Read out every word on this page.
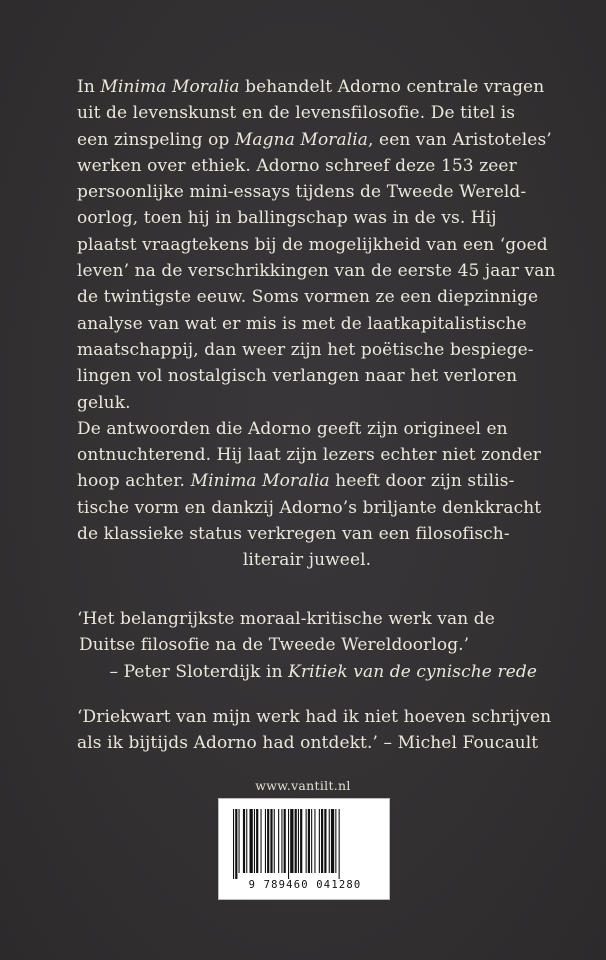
In Minima Moralia behandelt Adorno centrale vragen
uit de levenskunst en de levensfilosofie. De titel is
een zinspeling op Magna Moralia, een van Aristoteles’
werken over ethiek. Adorno schreef deze 153 zeer
persoonlijke mini-essays tijdens de Tweede Wereld-
oorlog, toen hij in ballingschap was in de vs. Hij
plaatst vraagtekens bij de mogelijkheid van een ‘goed
leven’ na de verschrikkingen van de eerste 45 jaar van
de twintigste eeuw. Soms vormen ze een diepzinnige
analyse van wat er mis is met de laatkapitalistische
maatschappij, dan weer zijn het poëtische bespiege-
lingen vol nostalgisch verlangen naar het verloren
geluk.
De antwoorden die Adorno geeft zijn origineel en
ontnuchterend. Hij laat zijn lezers echter niet zonder
hoop achter. Minima Moralia heeft door zijn stilis-
tische vorm en dankzij Adorno’s briljante denkkracht
de klassieke status verkregen van een filosofisch-
literair juweel.
‘Het belangrijkste moraal-kritische werk van de
Duitse filosofie na de Tweede Wereldoorlog.’
– Peter Sloterdijk in Kritiek van de cynische rede
‘Driekwart van mijn werk had ik niet hoeven schrijven
als ik bijtijds Adorno had ontdekt.’ – Michel Foucault
www.vantilt.nl
9 789460 041280
